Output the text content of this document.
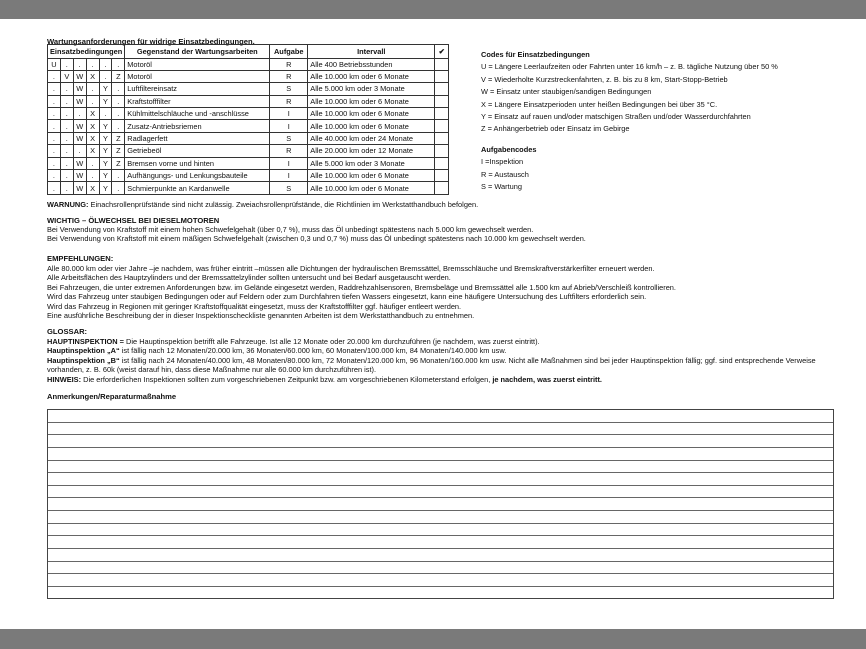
Wartungsanforderungen für widrige Einsatzbedingungen.
Einsatzbedingungen						Gegenstand der Wartungsarbeiten	Aufgabe	Intervall	✔
U	.	.	.	.	.	Motoröl	R	Alle 400 Betriebsstunden	
.	V	W	X	.	Z	Motoröl	R	Alle 10.000 km oder 6 Monate	
.	.	W	.	Y	.	Luftfiltereinsatz	S	Alle 5.000 km oder 3 Monate	
.	.	W	.	Y	.	Kraftstofffilter	R	Alle 10.000 km oder 6 Monate	
.	.	.	X	.	.	Kühlmittelschläuche und -anschlüsse	I	Alle 10.000 km oder 6 Monate	
.	.	W	X	Y	.	Zusatz-Antriebsriemen	I	Alle 10.000 km oder 6 Monate	
.	.	W	X	Y	Z	Radlagerfett	S	Alle 40.000 km oder 24 Monate	
.	.	.	X	Y	Z	Getriebeöl	R	Alle 20.000 km oder 12 Monate	
.	.	W	.	Y	Z	Bremsen vorne und hinten	I	Alle 5.000 km oder 3 Monate	
.	.	W	.	Y	.	Aufhängungs- und Lenkungsbauteile	I	Alle 10.000 km oder 6 Monate	
.	.	W	X	Y	.	Schmierpunkte an Kardanwelle	S	Alle 10.000 km oder 6 Monate	
Codes für Einsatzbedingungen
U = Längere Leerlaufzeiten oder Fahrten unter 16 km/h – z. B. tägliche Nutzung über 50 %
V = Wiederholte Kurzstreckenfahrten, z. B. bis zu 8 km, Start-Stopp-Betrieb
W = Einsatz unter staubigen/sandigen Bedingungen
X = Längere Einsatzperioden unter heißen Bedingungen bei über 35 °C.
Y = Einsatz auf rauen und/oder matschigen Straßen und/oder Wasserdurchfahrten
Z = Anhängerbetrieb oder Einsatz im Gebirge
Aufgabencodes
I =Inspektion
R = Austausch
S = Wartung
WARNUNG: Einachsrollenprüfstände sind nicht zulässig. Zweiachsrollenprüfstände, die Richtlinien im Werkstatthandbuch befolgen.
WICHTIG – ÖLWECHSEL BEI DIESELMOTOREN

Bei Verwendung von Kraftstoff mit einem hohen Schwefelgehalt (über 0,7 %), muss das Öl unbedingt spätestens nach 5.000 km gewechselt werden.

Bei Verwendung von Kraftstoff mit einem mäßigen Schwefelgehalt (zwischen 0,3 und 0,7 %) muss das Öl unbedingt spätestens nach 10.000 km gewechselt werden.

EMPFEHLUNGEN:

Alle 80.000 km oder vier Jahre –je nachdem, was früher eintritt –müssen alle Dichtungen der hydraulischen Bremssättel, Bremsschläuche und Bremskraftverstärkerfilter erneuert werden.

Alle Arbeitsflächen des Hauptzylinders und der Bremssattelzylinder sollten untersucht und bei Bedarf ausgetauscht werden.

Bei Fahrzeugen, die unter extremen Anforderungen bzw. im Gelände eingesetzt werden, Raddrehzahlsensoren, Bremsbeläge und Bremssättel alle 1.500 km auf Abrieb/Verschleiß kontrollieren.

Wird das Fahrzeug unter staubigen Bedingungen oder auf Feldern oder zum Durchfahren tiefen Wassers eingesetzt, kann eine häufigere Untersuchung des Luftfilters erforderlich sein.

Wird das Fahrzeug in Regionen mit geringer Kraftstoffqualität eingesetzt, muss der Kraftstofffilter ggf. häufiger entleert werden.

Eine ausführliche Beschreibung der in dieser Inspektionscheckliste genannten Arbeiten ist dem Werkstatthandbuch zu entnehmen.

GLOSSAR:

HAUPTINSPEKTION = Die Hauptinspektion betrifft alle Fahrzeuge. Ist alle 12 Monate oder 20.000 km durchzuführen (je nachdem, was zuerst eintritt).

Hauptinspektion „A“ ist fällig nach 12 Monaten/20.000 km, 36 Monaten/60.000 km, 60 Monaten/100.000 km, 84 Monaten/140.000 km usw.

Hauptinspektion „B“ ist fällig nach 24 Monaten/40.000 km, 48 Monaten/80.000 km, 72 Monaten/120.000 km, 96 Monaten/160.000 km usw. Nicht alle Maßnahmen sind bei jeder Hauptinspektion fällig; ggf. sind entsprechende Verweise vorhanden, z. B. 60k (weist darauf hin, dass diese Maßnahme nur alle 60.000 km durchzuführen ist).

HINWEIS: Die erforderlichen Inspektionen sollten zum vorgeschriebenen Zeitpunkt bzw. am vorgeschriebenen Kilometerstand erfolgen, je nachdem, was zuerst eintritt.

Anmerkungen/Reparaturmaßnahme
